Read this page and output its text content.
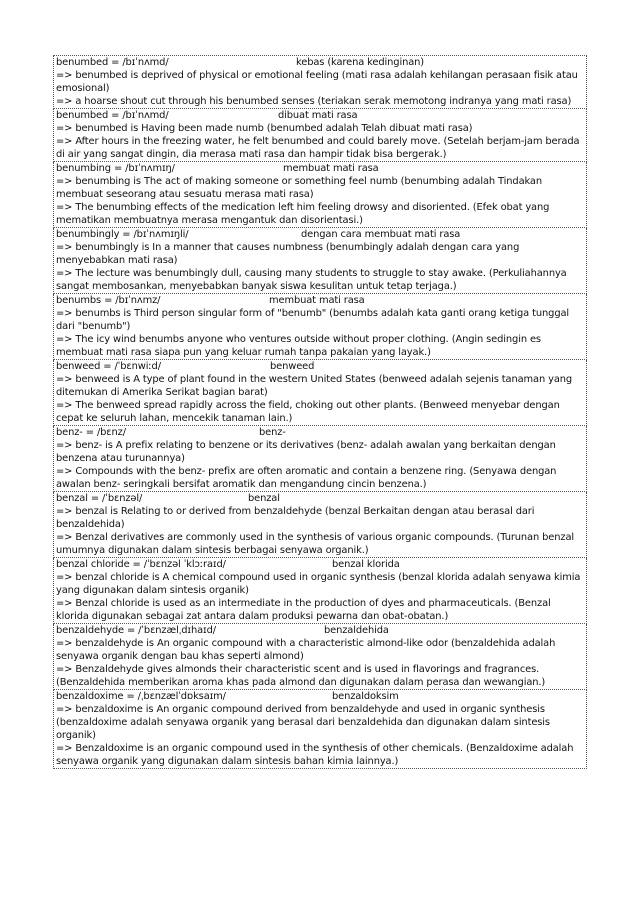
benumbed = /bɪˈnʌmd/	kebas (karena kedinginan)
=> benumbed is deprived of physical or emotional feeling (mati rasa adalah kehilangan perasaan fisik atau emosional)
=> a hoarse shout cut through his benumbed senses (teriakan serak memotong indranya yang mati rasa)
benumbed = /bɪˈnʌmd/	dibuat mati rasa
=> benumbed is Having been made numb (benumbed adalah Telah dibuat mati rasa)
=> After hours in the freezing water, he felt benumbed and could barely move. (Setelah berjam-jam berada di air yang sangat dingin, dia merasa mati rasa dan hampir tidak bisa bergerak.)
benumbing = /bɪˈnʌmɪŋ/	membuat mati rasa
=> benumbing is The act of making someone or something feel numb (benumbing adalah Tindakan membuat seseorang atau sesuatu merasa mati rasa)
=> The benumbing effects of the medication left him feeling drowsy and disoriented. (Efek obat yang mematikan membuatnya merasa mengantuk dan disorientasi.)
benumbingly = /bɪˈnʌmɪŋli/	dengan cara membuat mati rasa
=> benumbingly is In a manner that causes numbness (benumbingly adalah dengan cara yang menyebabkan mati rasa)
=> The lecture was benumbingly dull, causing many students to struggle to stay awake. (Perkuliahannya sangat membosankan, menyebabkan banyak siswa kesulitan untuk tetap terjaga.)
benumbs = /bɪˈnʌmz/	membuat mati rasa
=> benumbs is Third person singular form of "benumb" (benumbs adalah kata ganti orang ketiga tunggal dari "benumb")
=> The icy wind benumbs anyone who ventures outside without proper clothing. (Angin sedingin es membuat mati rasa siapa pun yang keluar rumah tanpa pakaian yang layak.)
benweed = /ˈbɛnwiːd/	benweed
=> benweed is A type of plant found in the western United States (benweed adalah sejenis tanaman yang ditemukan di Amerika Serikat bagian barat)
=> The benweed spread rapidly across the field, choking out other plants. (Benweed menyebar dengan cepat ke seluruh lahan, mencekik tanaman lain.)
benz- = /bɛnz/	benz-
=> benz- is A prefix relating to benzene or its derivatives (benz- adalah awalan yang berkaitan dengan benzena atau turunannya)
=> Compounds with the benz- prefix are often aromatic and contain a benzene ring. (Senyawa dengan awalan benz- seringkali bersifat aromatik dan mengandung cincin benzena.)
benzal = /ˈbɛnzəl/	benzal
=> benzal is Relating to or derived from benzaldehyde (benzal Berkaitan dengan atau berasal dari benzaldehida)
=> Benzal derivatives are commonly used in the synthesis of various organic compounds. (Turunan benzal umumnya digunakan dalam sintesis berbagai senyawa organik.)
benzal chloride = /ˈbɛnzəl ˈklɔːraɪd/	benzal klorida
=> benzal chloride is A chemical compound used in organic synthesis (benzal klorida adalah senyawa kimia yang digunakan dalam sintesis organik)
=> Benzal chloride is used as an intermediate in the production of dyes and pharmaceuticals. (Benzal klorida digunakan sebagai zat antara dalam produksi pewarna dan obat-obatan.)
benzaldehyde = /ˈbɛnzælˌdɪhaɪd/	benzaldehida
=> benzaldehyde is An organic compound with a characteristic almond-like odor (benzaldehida adalah senyawa organik dengan bau khas seperti almond)
=> Benzaldehyde gives almonds their characteristic scent and is used in flavorings and fragrances. (Benzaldehida memberikan aroma khas pada almond dan digunakan dalam perasa dan wewangian.)
benzaldoxime = /ˌbɛnzælˈdɒksaɪm/	benzaldoksim
=> benzaldoxime is An organic compound derived from benzaldehyde and used in organic synthesis (benzaldoxime adalah senyawa organik yang berasal dari benzaldehida dan digunakan dalam sintesis organik)
=> Benzaldoxime is an organic compound used in the synthesis of other chemicals. (Benzaldoxime adalah senyawa organik yang digunakan dalam sintesis bahan kimia lainnya.)
